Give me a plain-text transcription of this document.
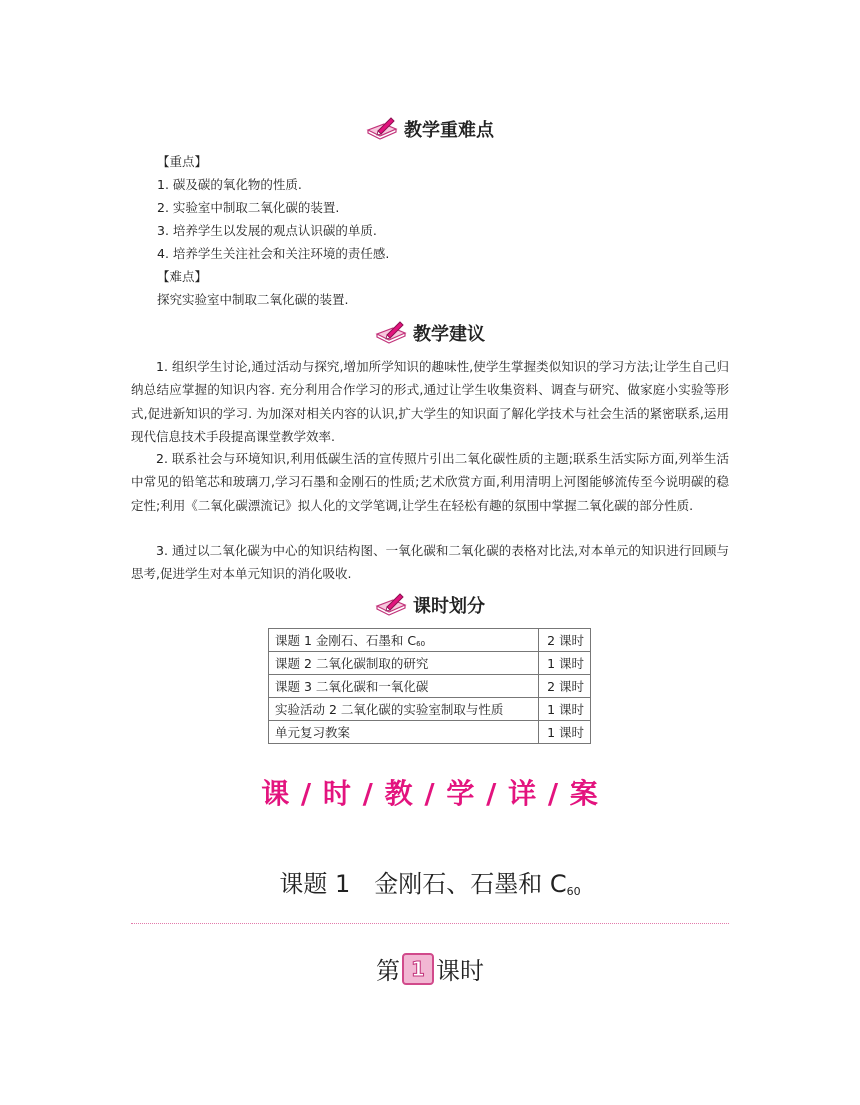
教学重难点
【重点】
1. 碳及碳的氧化物的性质.
2. 实验室中制取二氧化碳的装置.
3. 培养学生以发展的观点认识碳的单质.
4. 培养学生关注社会和关注环境的责任感.
【难点】
探究实验室中制取二氧化碳的装置.
教学建议
1. 组织学生讨论,通过活动与探究,增加所学知识的趣味性,使学生掌握类似知识的学习方法;让学生自己归纳总结应掌握的知识内容. 充分利用合作学习的形式,通过让学生收集资料、调查与研究、做家庭小实验等形式,促进新知识的学习. 为加深对相关内容的认识,扩大学生的知识面了解化学技术与社会生活的紧密联系,运用现代信息技术手段提高课堂教学效率.
2. 联系社会与环境知识,利用低碳生活的宣传照片引出二氧化碳性质的主题;联系生活实际方面,列举生活中常见的铅笔芯和玻璃刀,学习石墨和金刚石的性质;艺术欣赏方面,利用清明上河图能够流传至今说明碳的稳定性;利用《二氧化碳漂流记》拟人化的文学笔调,让学生在轻松有趣的氛围中掌握二氧化碳的部分性质.
3. 通过以二氧化碳为中心的知识结构图、一氧化碳和二氧化碳的表格对比法,对本单元的知识进行回顾与思考,促进学生对本单元知识的消化吸收.
课时划分
课题 1 金刚石、石墨和 C60	2 课时
课题 2 二氧化碳制取的研究	1 课时
课题 3 二氧化碳和一氧化碳	2 课时
实验活动 2 二氧化碳的实验室制取与性质	1 课时
单元复习教案	1 课时
课 / 时 / 教 / 学 / 详 / 案
课题 1 金刚石、石墨和 $C_{60}$
第 1 课时
